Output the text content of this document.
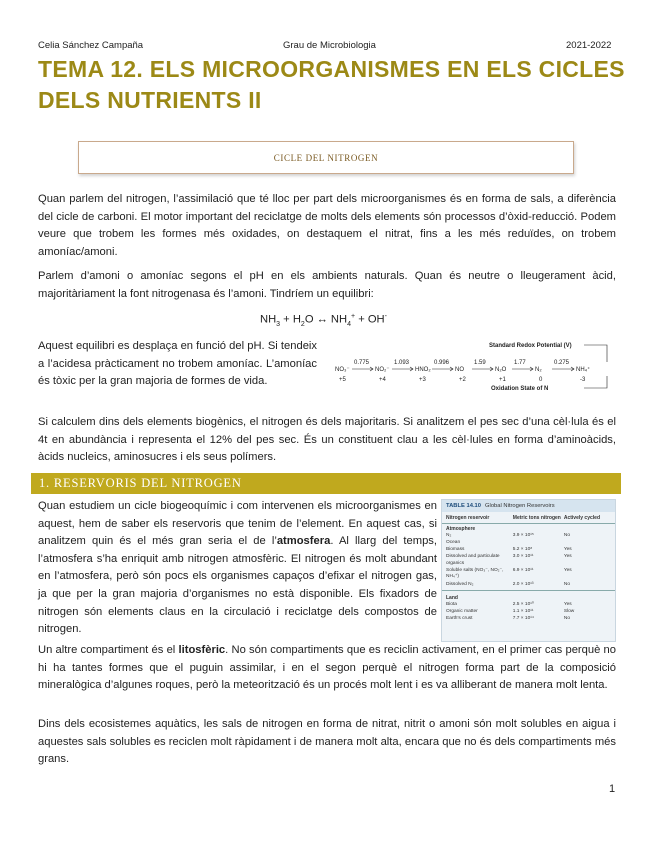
Celia Sánchez Campaña	Grau de Microbiologia	2021-2022
TEMA 12. ELS MICROORGANISMES EN ELS CICLES DELS NUTRIENTS II
CICLE DEL NITROGEN

Quan parlem del nitrogen, l’assimilació que té lloc per part dels microorganismes és en forma de sals, a diferència del cicle de carboni. El motor important del reciclatge de molts dels elements són processos d’òxid-reducció. Podem veure que trobem les formes més oxidades, on destaquem el nitrat, fins a les més reduïdes, on trobem amoníac/amoni.

Parlem d’amoni o amoníac segons el pH en els ambients naturals. Quan és neutre o lleugerament àcid, majoritàriament la font nitrogenasa és l’amoni. Tindríem un equilibri:

$NH_3 + H_2O$ ↔ $NH_4^+ + OH^-$

Aquest equilibri es desplaça en funció del pH. Si tendeix a l’acidesa pràcticament no trobem amoníac. L’amoníac és tòxic per la gran majoria de formes de vida.

Standard Redox Potential (V)
NO₃⁻
+5
0.775
NO₂⁻
+4
1.093
HNO₂
+3
0.996
NO
+2
1.59
N₂O
+1
1.77
N₂
0
0.275
NH₄⁺
-3
Oxidation State of N

Si calculem dins dels elements biogènics, el nitrogen és dels majoritaris. Si analitzem el pes sec d’una cèl·lula és el 4t en abundància i representa el 12% del pes sec. És un constituent clau a les cèl·lules en forma d’aminoàcids, àcids nucleics, aminosucres i els seus polímers.

1. RESERVORIS DEL NITROGEN

Quan estudiem un cicle biogeoquímic i com intervenen els microorganismes en aquest, hem de saber els reservoris que tenim de l’element. En aquest cas, si analitzem quin és el més gran seria el de l’atmosfera. Al llarg del temps, l’atmosfera s’ha enriquit amb nitrogen atmosfèric. El nitrogen és molt abundant en l’atmosfera, però són pocs els organismes capaços d’efixar el nitrogen gas, ja que per la gran majoria d’organismes no està disponible. Els fixadors de nitrogen són elements claus en la circulació i reciclatge dels compostos de nitrogen.

TABLE 14.10 Global Nitrogen Reservoirs
Nitrogen reservoir	Metric tons nitrogen Actively cycled
Atmosphere
N₂	3.9 × 10¹⁵	No
Ocean
Biomass	5.2 × 10⁸	Yes
Dissolved and particulate organics
3.0 × 10¹¹	Yes
Soluble salts (NO₃⁻, NO₂⁻, NH₄⁺)
6.9 × 10¹¹	Yes
Dissolved N₂	2.0 × 10¹³	No
Land
Biota	2.5 × 10¹⁰	Yes
Organic matter	1.1 × 10¹¹	Slow
Earth's crust	7.7 × 10¹⁴	No

Un altre compartiment és el litosfèric. No són compartiments que es reciclin activament, en el primer cas perquè no hi ha tantes formes que el puguin assimilar, i en el segon perquè el nitrogen forma part de la composició mineralògica d’algunes roques, però la meteorització és un procés molt lent i es va alliberant de manera molt lenta.

Dins dels ecosistemes aquàtics, les sals de nitrogen en forma de nitrat, nitrit o amoni són molt solubles en aigua i aquestes sals solubles es reciclen molt ràpidament i de manera molt alta, encara que no és dels compartiments més grans.

1
